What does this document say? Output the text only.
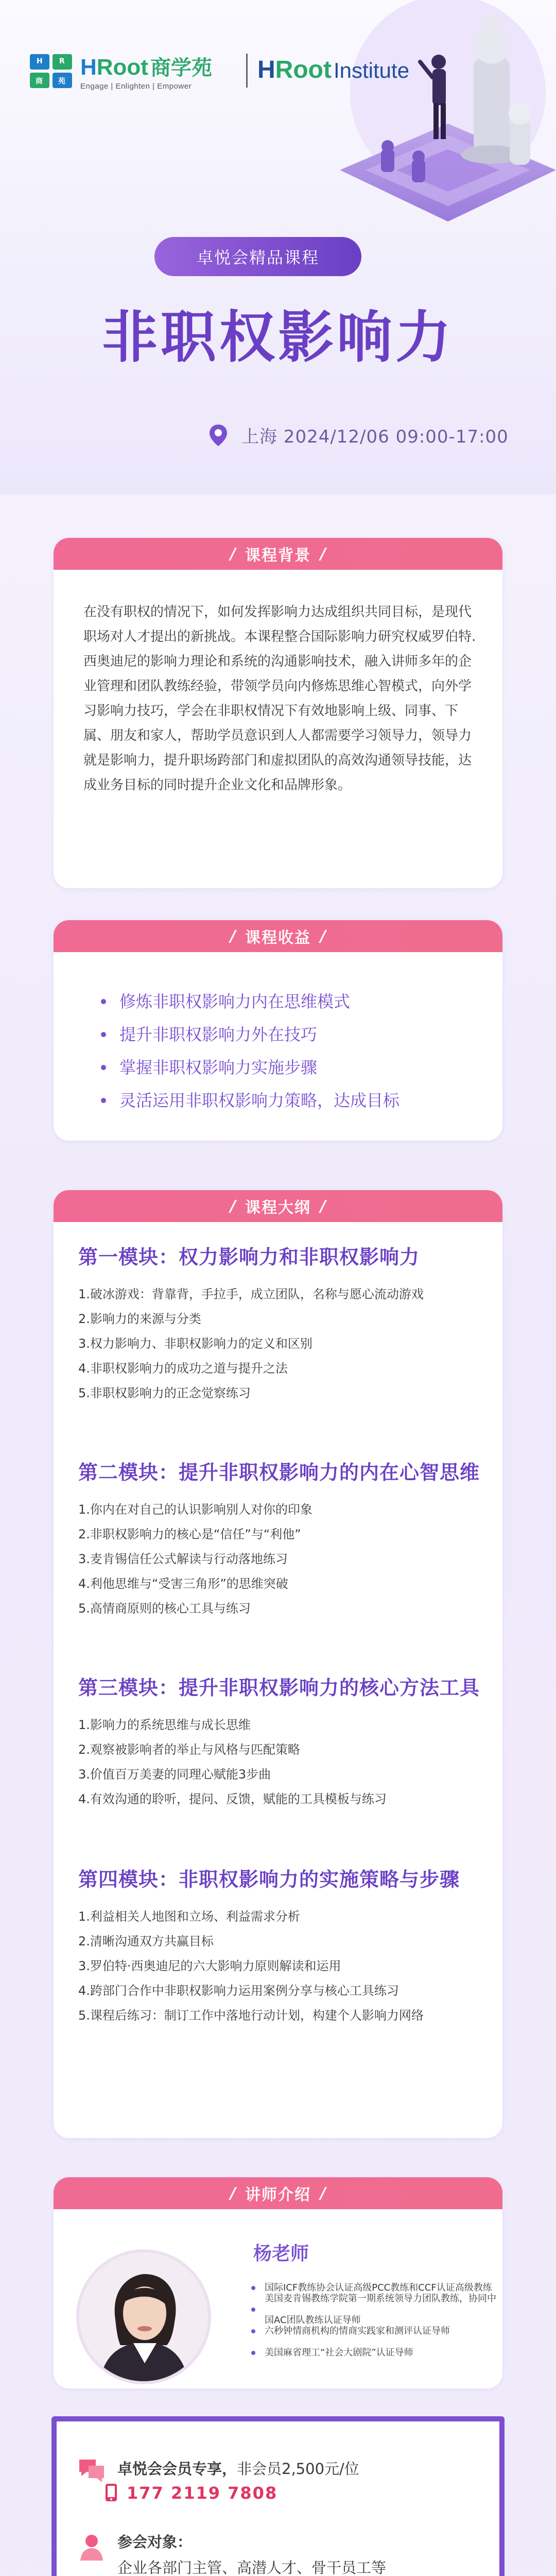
H R
商 苑
H Root 商学苑
Engage | Enlighten | Empower
H Root Institute
卓悦会精品课程
非职权影响力
上海 2024/12/06 09:00-17:00
/ 课程背景 /

在没有职权的情况下，如何发挥影响力达成组织共同目标，是现代职场对人才提出的新挑战。本课程整合国际影响力研究权威罗伯特.西奥迪尼的影响力理论和系统的沟通影响技术，融入讲师多年的企业管理和团队教练经验，带领学员向内修炼思维心智模式，向外学习影响力技巧，学会在非职权情况下有效地影响上级、同事、下属、朋友和家人，帮助学员意识到人人都需要学习领导力，领导力就是影响力，提升职场跨部门和虚拟团队的高效沟通领导技能，达成业务目标的同时提升企业文化和品牌形象。

/ 课程收益 /
修炼非职权影响力内在思维模式
提升非职权影响力外在技巧
掌握非职权影响力实施步骤
灵活运用非职权影响力策略，达成目标
/ 课程大纲 /
第一模块：权力影响力和非职权影响力
1.破冰游戏：背靠背，手拉手，成立团队，名称与愿心流动游戏
2.影响力的来源与分类
3.权力影响力、非职权影响力的定义和区别
4.非职权影响力的成功之道与提升之法
5.非职权影响力的正念觉察练习
第二模块：提升非职权影响力的内在心智思维
1.你内在对自己的认识影响别人对你的印象
2.非职权影响力的核心是“信任”与“利他”
3.麦肯锡信任公式解读与行动落地练习
4.利他思维与“受害三角形”的思维突破
5.高情商原则的核心工具与练习
第三模块：提升非职权影响力的核心方法工具
1.影响力的系统思维与成长思维
2.观察被影响者的举止与风格与匹配策略
3.价值百万美妻的同理心赋能3步曲
4.有效沟通的聆听，提问、反馈，赋能的工具模板与练习
第四模块：非职权影响力的实施策略与步骤
1.利益相关人地图和立场、利益需求分析
2.清晰沟通双方共赢目标
3.罗伯特·西奥迪尼的六大影响力原则解读和运用
4.跨部门合作中非职权影响力运用案例分享与核心工具练习
5.课程后练习：制订工作中落地行动计划，构建个人影响力网络
/ 讲师介绍 /
杨老师
国际ICF教练协会认证高级PCC教练和CCF认证高级教练
美国麦肯锡教练学院第一期系统领导力团队教练，协同中国AC团队教练认证导师
六秒钟情商机构的情商实践家和测评认证导师
美国麻省理工“社会大剧院”认证导师
卓悦会会员专享， 非会员2,500元/位
177 2119 7808
参会对象：
企业各部门主管、高潜人才、骨干员工等
